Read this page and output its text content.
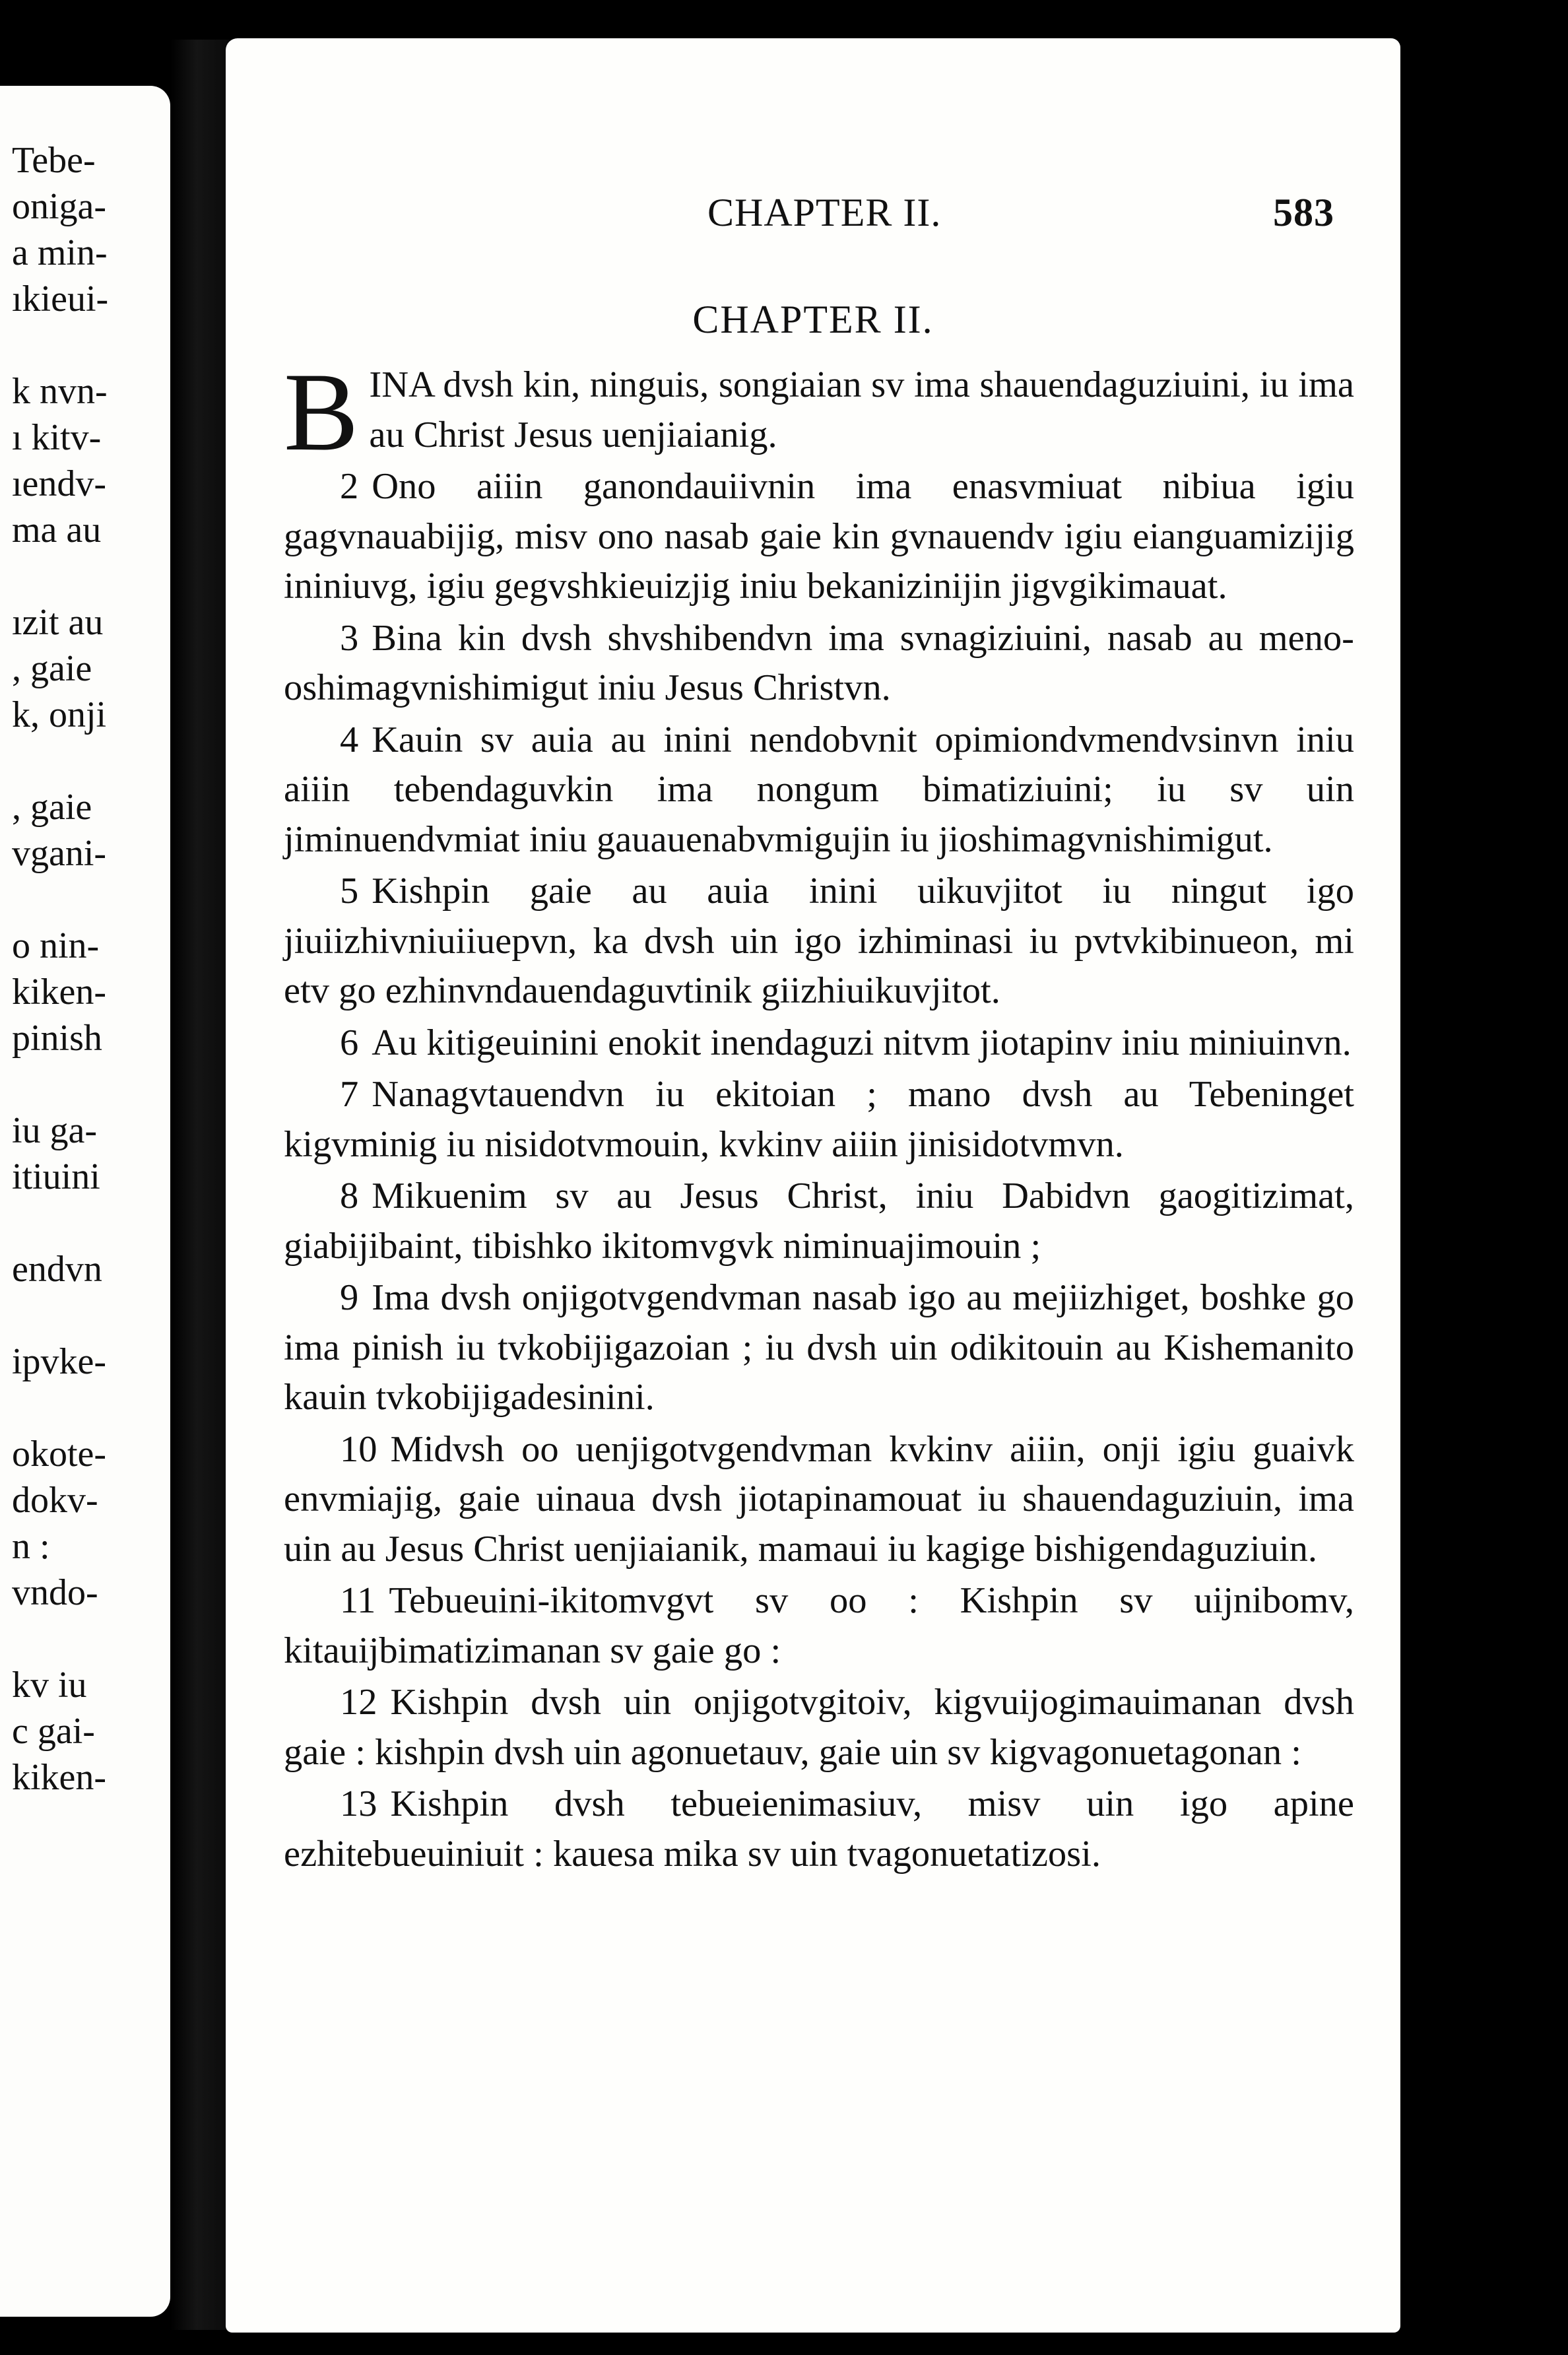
Tebe-
oniga-
a min-
ıkieui-
k nvn-
ı kitv-
ıendv-
ma au
ızit au
, gaie
k, onji
, gaie
vgani-
o nin-
kiken-
pinish
iu ga-
itiuini
endvn
ipvke-
okote-
dokv-
n :
vndo-
kv iu
c gai-
kiken-
CHAPTER II.	583
CHAPTER II.

BINA dvsh kin, ninguis, songiaian sv ima shauendaguziuini, iu ima au Christ Jesus uenjiaianig.

2 Ono aiiin ganondauiivnin ima enasvmiuat nibiua igiu gagvnauabijig, misv ono nasab gaie kin gvnauendv igiu eianguamizijig ininiuvg, igiu gegvshkieuizjig iniu bekanizinijin jigvgikimauat.

3 Bina kin dvsh shvshibendvn ima svnagiziuini, nasab au meno-oshimagvnishimigut iniu Jesus Christvn.

4 Kauin sv auia au inini nendobvnit opimiondvmendvsinvn iniu aiiin tebendaguvkin ima nongum bimatiziuini; iu sv uin jiminuendvmiat iniu gauauenabvmigujin iu jioshimagvnishimigut.

5 Kishpin gaie au auia inini uikuvjitot iu ningut igo jiuiizhivniuiiuepvn, ka dvsh uin igo izhiminasi iu pvtvkibinueon, mi etv go ezhinvndauendaguvtinik giizhiuikuvjitot.

6 Au kitigeuinini enokit inendaguzi nitvm jiotapinv iniu miniuinvn.

7 Nanagvtauendvn iu ekitoian ; mano dvsh au Tebeninget kigvminig iu nisidotvmouin, kvkinv aiiin jinisidotvmvn.

8 Mikuenim sv au Jesus Christ, iniu Dabidvn gaogitizimat, giabijibaint, tibishko ikitomvgvk niminuajimouin ;

9 Ima dvsh onjigotvgendvman nasab igo au mejiizhiget, boshke go ima pinish iu tvkobijigazoian ; iu dvsh uin odikitouin au Kishemanito kauin tvkobijigadesinini.

10 Midvsh oo uenjigotvgendvman kvkinv aiiin, onji igiu guaivk envmiajig, gaie uinaua dvsh jiotapinamouat iu shauendaguziuin, ima uin au Jesus Christ uenjiaianik, mamaui iu kagige bishigendaguziuin.

11 Tebueuini-ikitomvgvt sv oo : Kishpin sv uijnibomv, kitauijbimatizimanan sv gaie go :

12 Kishpin dvsh uin onjigotvgitoiv, kigvuijogimauimanan dvsh gaie : kishpin dvsh uin agonuetauv, gaie uin sv kigvagonuetagonan :

13 Kishpin dvsh tebueienimasiuv, misv uin igo apine ezhitebueuiniuit : kauesa mika sv uin tvagonuetatizosi.
